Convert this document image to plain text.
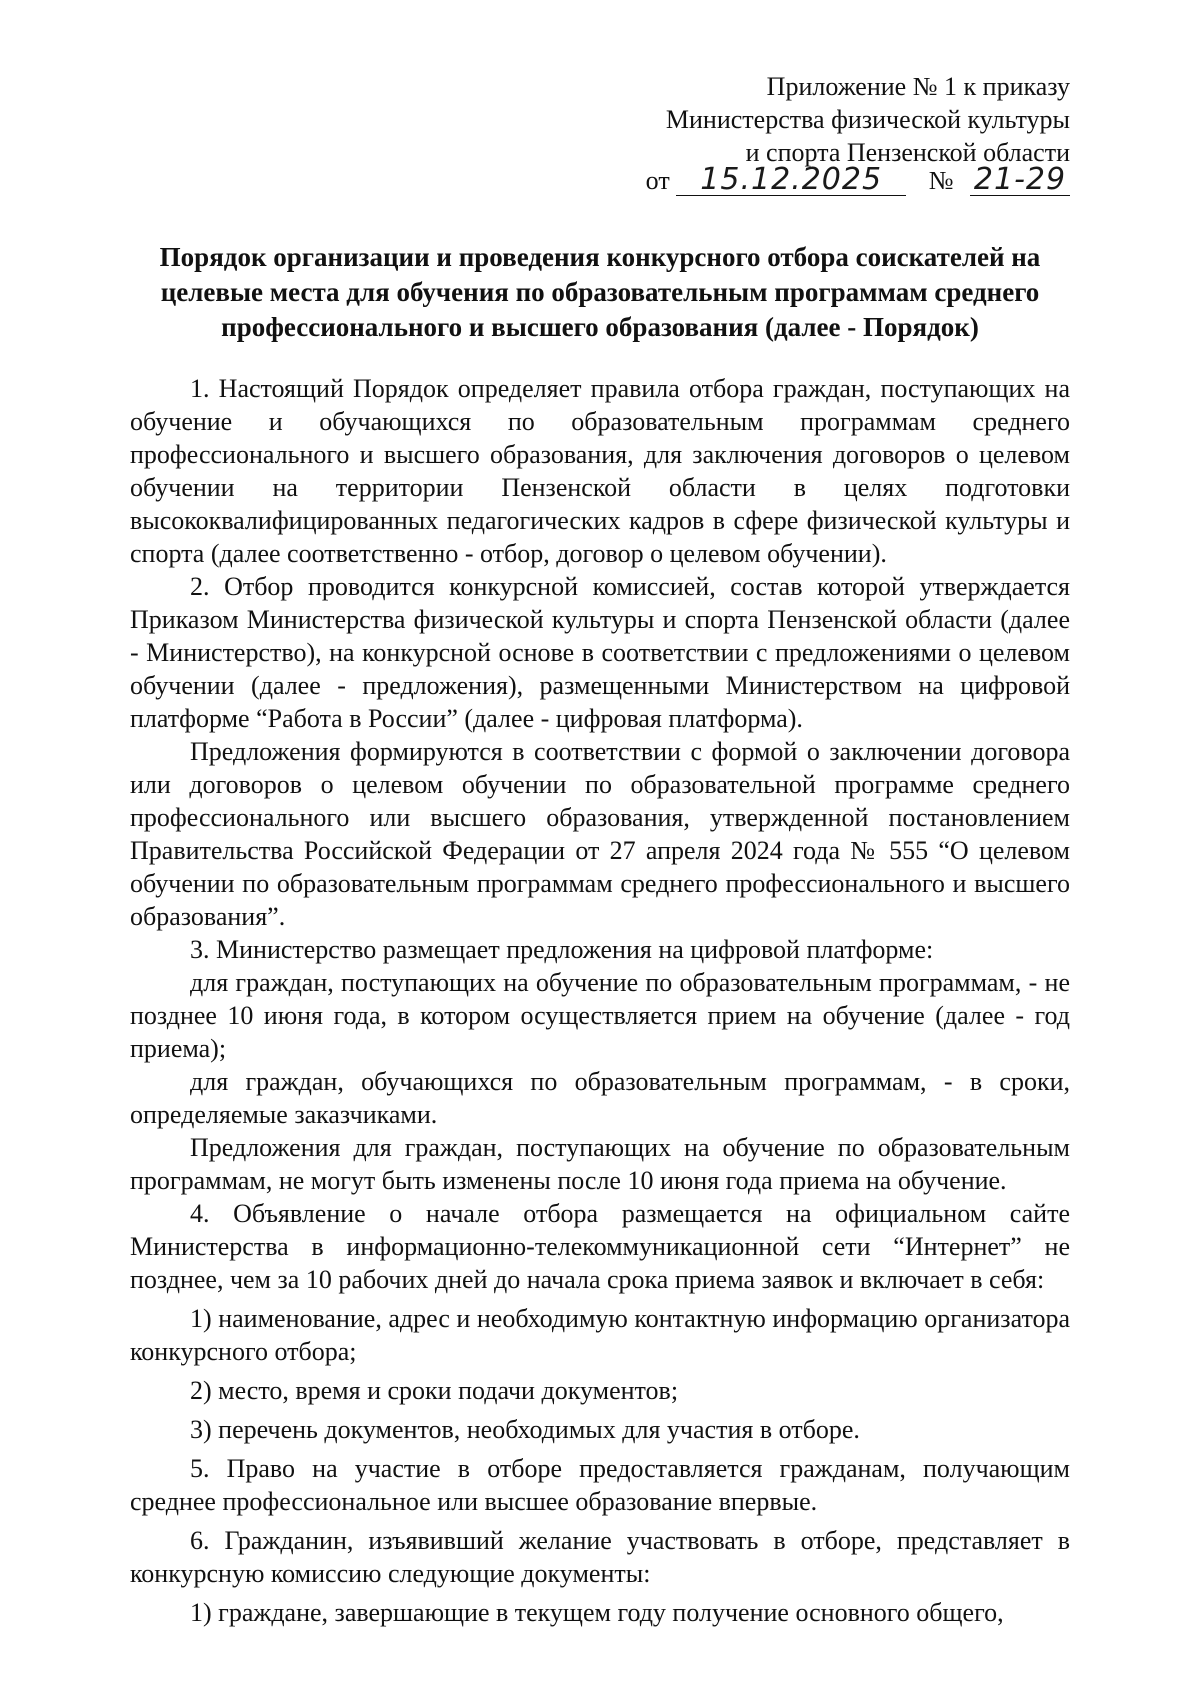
Приложение № 1 к приказу
Министерства физической культуры
и спорта Пензенской области
от 15.12.2025 № 21-29
Порядок организации и проведения конкурсного отбора соискателей на целевые места для обучения по образовательным программам среднего профессионального и высшего образования (далее - Порядок)

1. Настоящий Порядок определяет правила отбора граждан, поступающих на обучение и обучающихся по образовательным программам среднего профессионального и высшего образования, для заключения договоров о целевом обучении на территории Пензенской области в целях подготовки высококвалифицированных педагогических кадров в сфере физической культуры и спорта (далее соответственно - отбор, договор о целевом обучении).

2. Отбор проводится конкурсной комиссией, состав которой утверждается Приказом Министерства физической культуры и спорта Пензенской области (далее - Министерство), на конкурсной основе в соответствии с предложениями о целевом обучении (далее - предложения), размещенными Министерством на цифровой платформе “Работа в России” (далее - цифровая платформа).

Предложения формируются в соответствии с формой о заключении договора или договоров о целевом обучении по образовательной программе среднего профессионального или высшего образования, утвержденной постановлением Правительства Российской Федерации от 27 апреля 2024 года № 555 “О целевом обучении по образовательным программам среднего профессионального и высшего образования”.

3. Министерство размещает предложения на цифровой платформе:

для граждан, поступающих на обучение по образовательным программам, - не позднее 10 июня года, в котором осуществляется прием на обучение (далее - год приема);

для граждан, обучающихся по образовательным программам, - в сроки, определяемые заказчиками.

Предложения для граждан, поступающих на обучение по образовательным программам, не могут быть изменены после 10 июня года приема на обучение.

4. Объявление о начале отбора размещается на официальном сайте Министерства в информационно-телекоммуникационной сети “Интернет” не позднее, чем за 10 рабочих дней до начала срока приема заявок и включает в себя:

1) наименование, адрес и необходимую контактную информацию организатора конкурсного отбора;

2) место, время и сроки подачи документов;

3) перечень документов, необходимых для участия в отборе.

5. Право на участие в отборе предоставляется гражданам, получающим среднее профессиональное или высшее образование впервые.

6. Гражданин, изъявивший желание участвовать в отборе, представляет в конкурсную комиссию следующие документы:

1) граждане, завершающие в текущем году получение основного общего,
